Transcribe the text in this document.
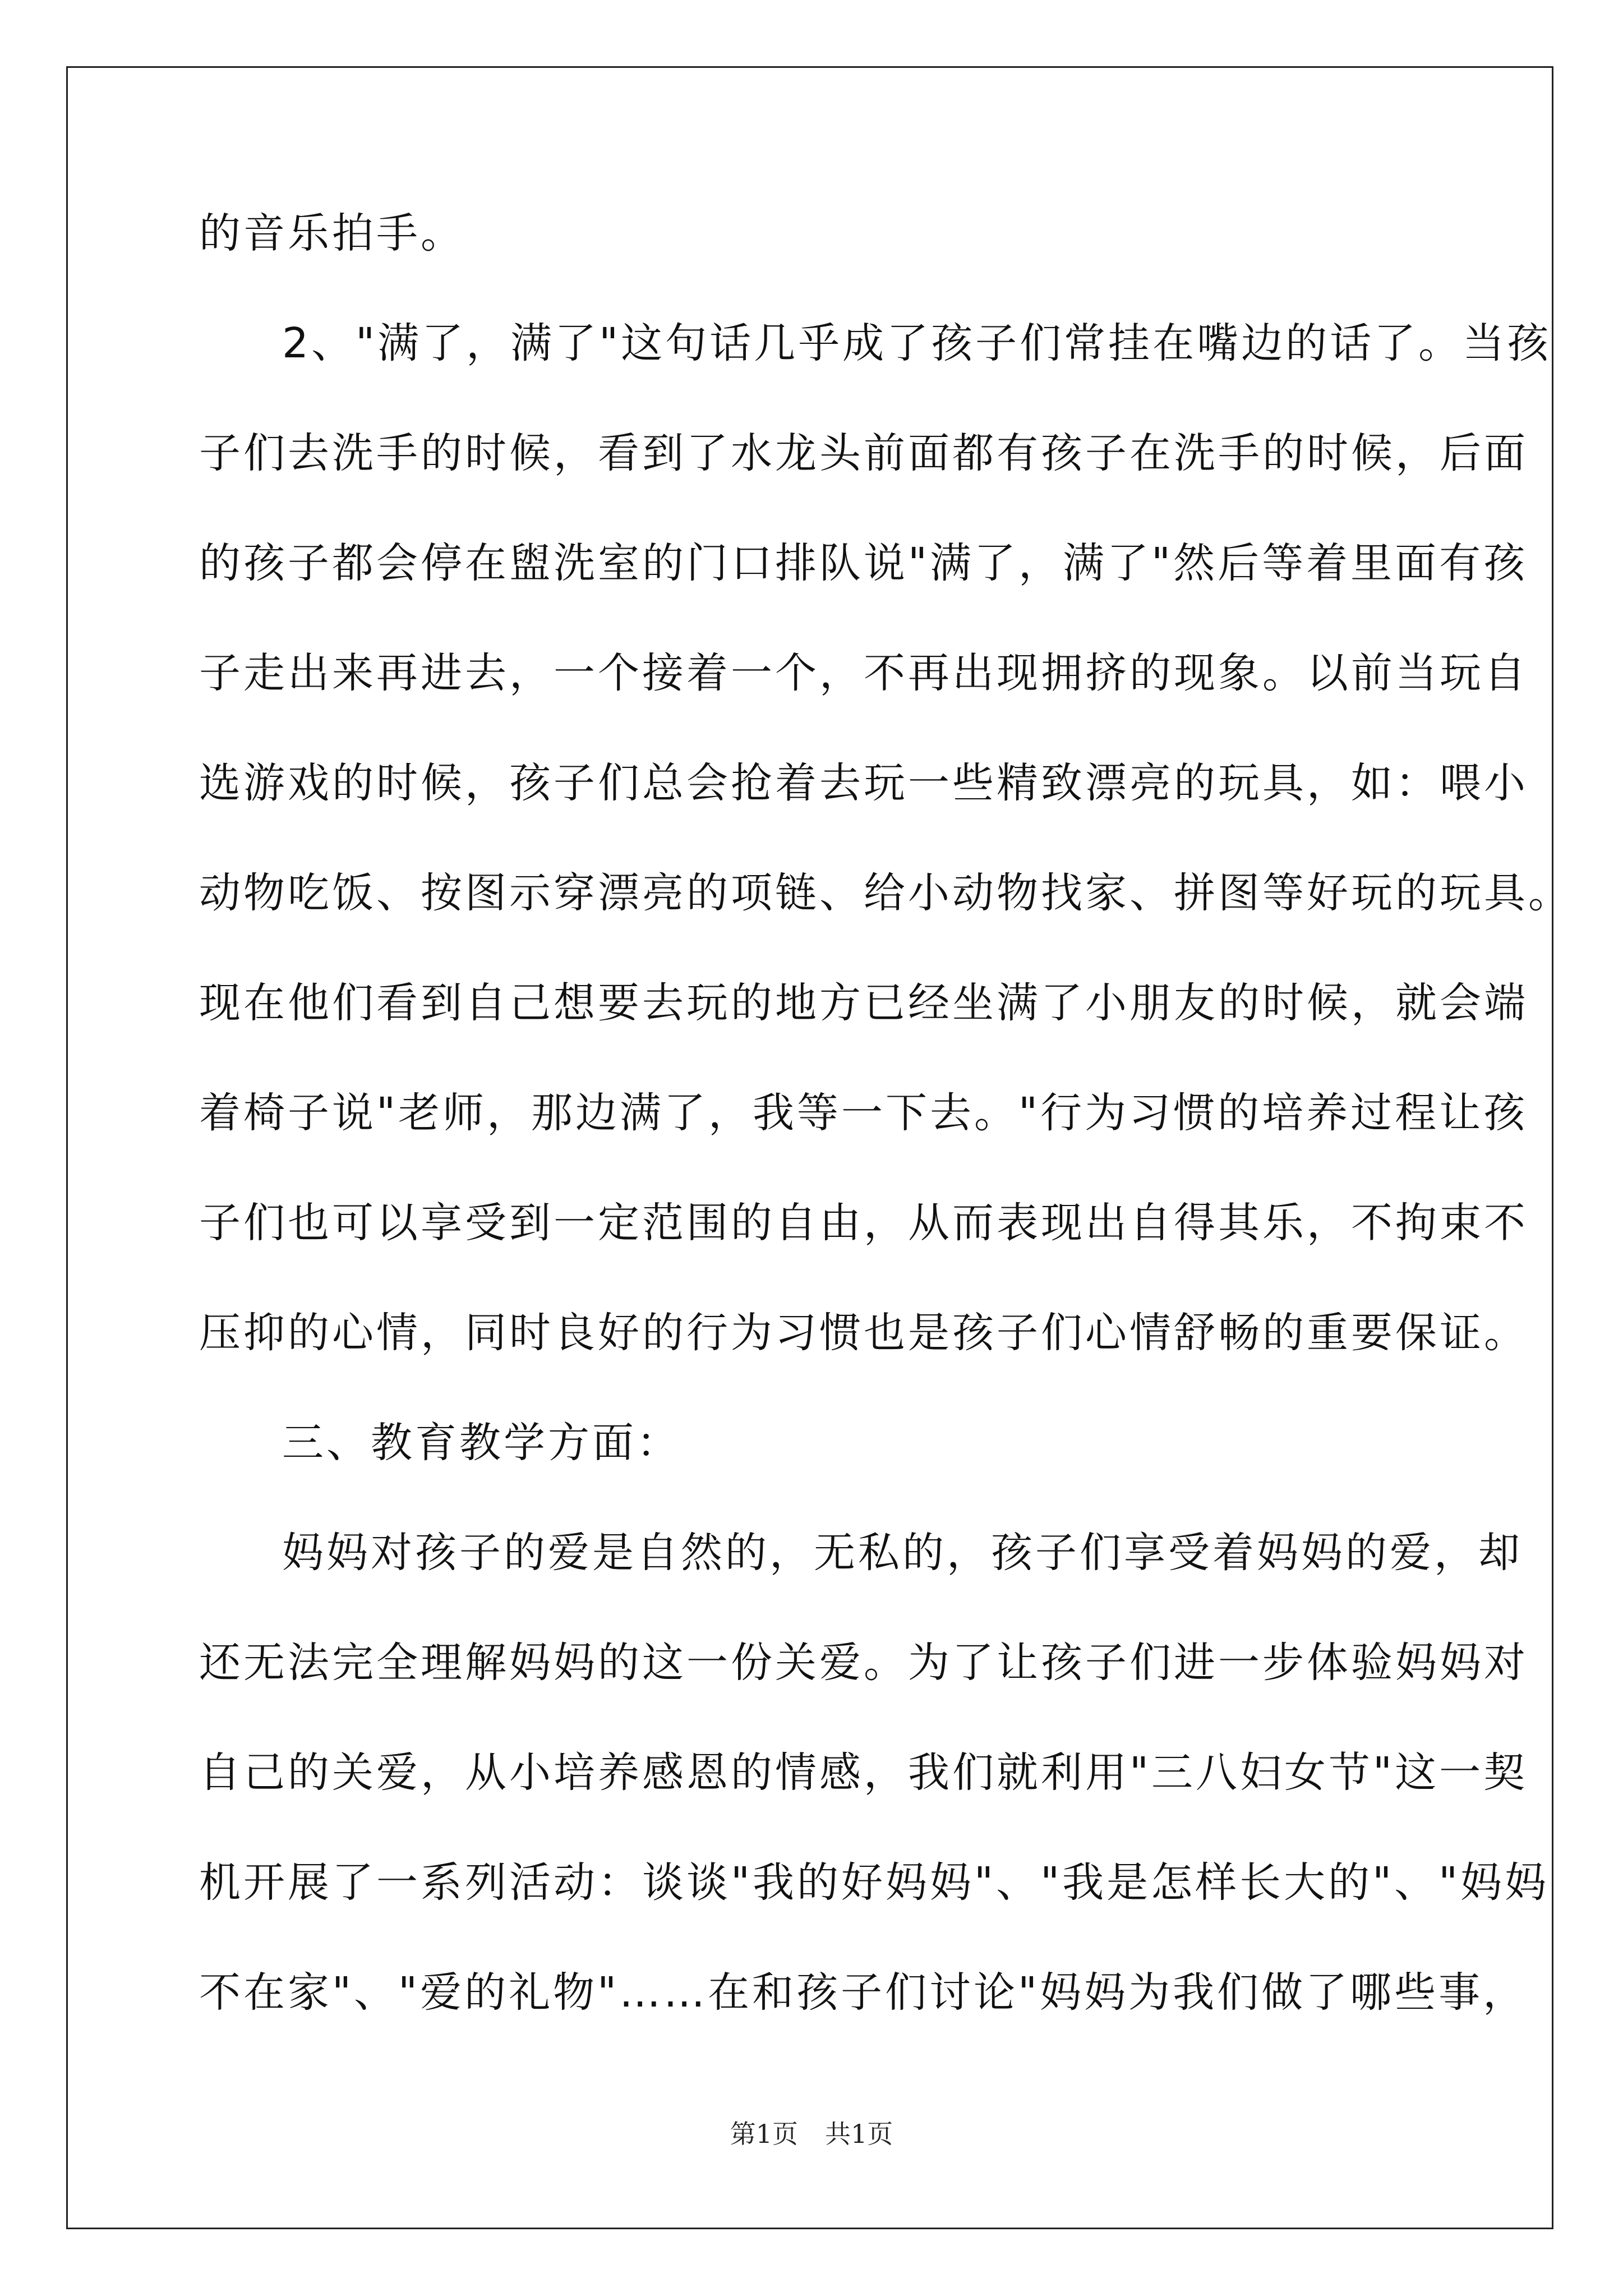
的音乐拍手。
2、"满了，满了"这句话几乎成了孩子们常挂在嘴边的话了。当孩
子们去洗手的时候，看到了水龙头前面都有孩子在洗手的时候，后面
的孩子都会停在盥洗室的门口排队说"满了，满了"然后等着里面有孩
子走出来再进去，一个接着一个，不再出现拥挤的现象。以前当玩自
选游戏的时候，孩子们总会抢着去玩一些精致漂亮的玩具，如：喂小
动物吃饭、按图示穿漂亮的项链、给小动物找家、拼图等好玩的玩具。
现在他们看到自己想要去玩的地方已经坐满了小朋友的时候，就会端
着椅子说"老师，那边满了，我等一下去。"行为习惯的培养过程让孩
子们也可以享受到一定范围的自由，从而表现出自得其乐，不拘束不
压抑的心情，同时良好的行为习惯也是孩子们心情舒畅的重要保证。
三、教育教学方面：
妈妈对孩子的爱是自然的，无私的，孩子们享受着妈妈的爱，却
还无法完全理解妈妈的这一份关爱。为了让孩子们进一步体验妈妈对
自己的关爱，从小培养感恩的情感，我们就利用"三八妇女节"这一契
机开展了一系列活动：谈谈"我的好妈妈"、"我是怎样长大的"、"妈妈
不在家"、"爱的礼物"……在和孩子们讨论"妈妈为我们做了哪些事，
第1页 共1页
